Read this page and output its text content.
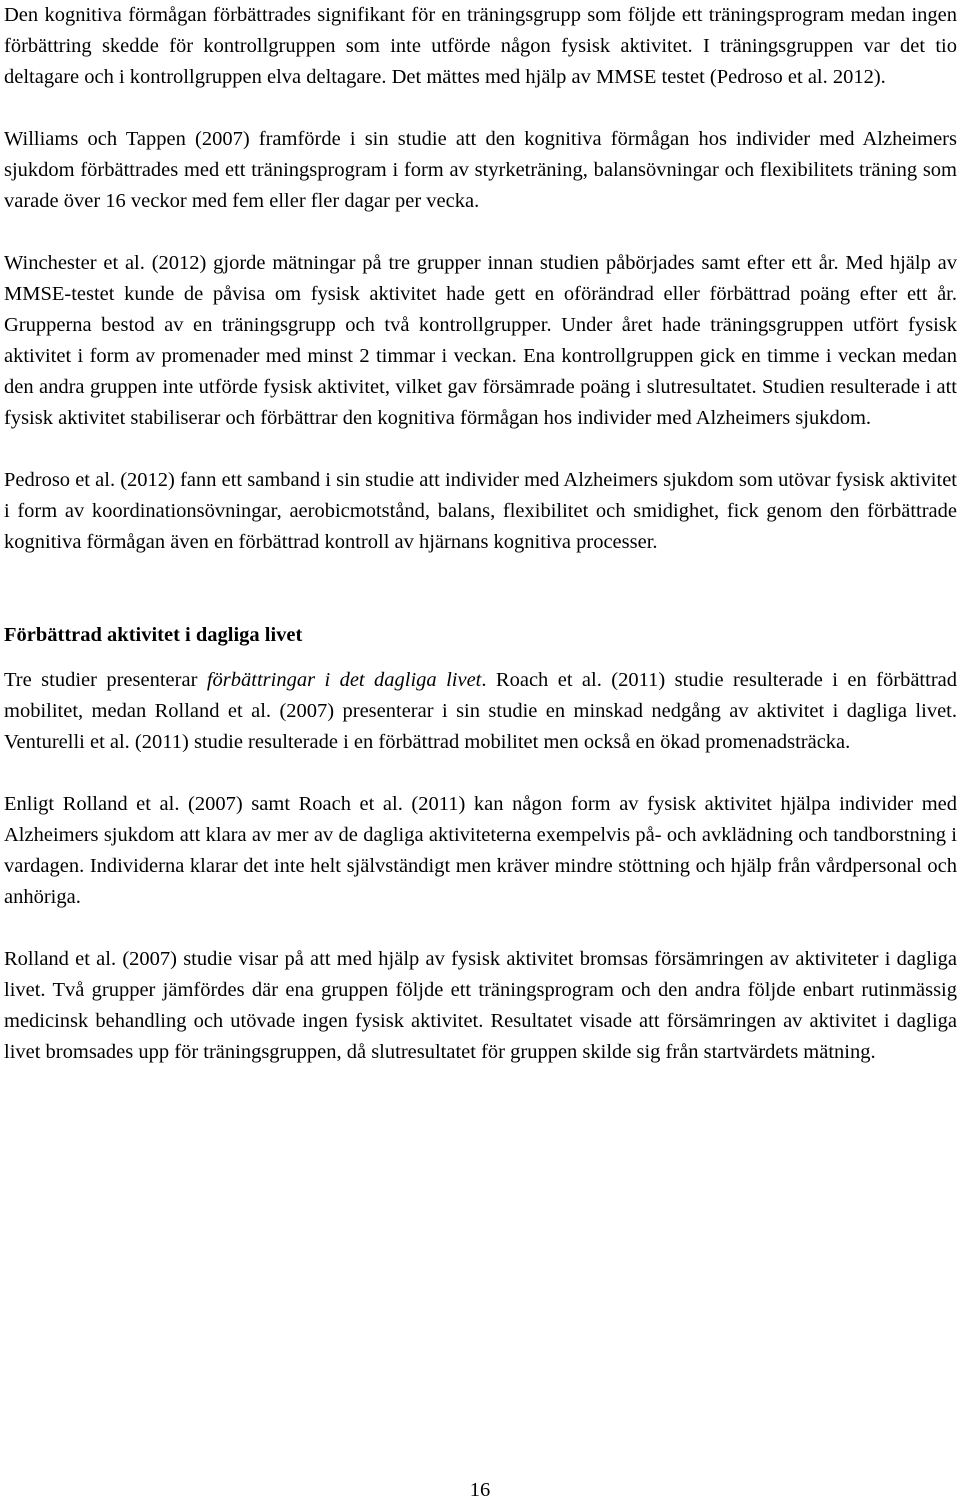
Den kognitiva förmågan förbättrades signifikant för en träningsgrupp som följde ett träningsprogram medan ingen förbättring skedde för kontrollgruppen som inte utförde någon fysisk aktivitet. I träningsgruppen var det tio deltagare och i kontrollgruppen elva deltagare. Det mättes med hjälp av MMSE testet (Pedroso et al. 2012).

Williams och Tappen (2007) framförde i sin studie att den kognitiva förmågan hos individer med Alzheimers sjukdom förbättrades med ett träningsprogram i form av styrketräning, balansövningar och flexibilitets träning som varade över 16 veckor med fem eller fler dagar per vecka.

Winchester et al. (2012) gjorde mätningar på tre grupper innan studien påbörjades samt efter ett år. Med hjälp av MMSE-testet kunde de påvisa om fysisk aktivitet hade gett en oförändrad eller förbättrad poäng efter ett år. Grupperna bestod av en träningsgrupp och två kontrollgrupper. Under året hade träningsgruppen utfört fysisk aktivitet i form av promenader med minst 2 timmar i veckan. Ena kontrollgruppen gick en timme i veckan medan den andra gruppen inte utförde fysisk aktivitet, vilket gav försämrade poäng i slutresultatet. Studien resulterade i att fysisk aktivitet stabiliserar och förbättrar den kognitiva förmågan hos individer med Alzheimers sjukdom.

Pedroso et al. (2012) fann ett samband i sin studie att individer med Alzheimers sjukdom som utövar fysisk aktivitet i form av koordinationsövningar, aerobicmotstånd, balans, flexibilitet och smidighet, fick genom den förbättrade kognitiva förmågan även en förbättrad kontroll av hjärnans kognitiva processer.

Förbättrad aktivitet i dagliga livet

Tre studier presenterar förbättringar i det dagliga livet. Roach et al. (2011) studie resulterade i en förbättrad mobilitet, medan Rolland et al. (2007) presenterar i sin studie en minskad nedgång av aktivitet i dagliga livet. Venturelli et al. (2011) studie resulterade i en förbättrad mobilitet men också en ökad promenadsträcka.

Enligt Rolland et al. (2007) samt Roach et al. (2011) kan någon form av fysisk aktivitet hjälpa individer med Alzheimers sjukdom att klara av mer av de dagliga aktiviteterna exempelvis på- och avklädning och tandborstning i vardagen. Individerna klarar det inte helt självständigt men kräver mindre stöttning och hjälp från vårdpersonal och anhöriga.

Rolland et al. (2007) studie visar på att med hjälp av fysisk aktivitet bromsas försämringen av aktiviteter i dagliga livet. Två grupper jämfördes där ena gruppen följde ett träningsprogram och den andra följde enbart rutinmässig medicinsk behandling och utövade ingen fysisk aktivitet. Resultatet visade att försämringen av aktivitet i dagliga livet bromsades upp för träningsgruppen, då slutresultatet för gruppen skilde sig från startvärdets mätning.

16
